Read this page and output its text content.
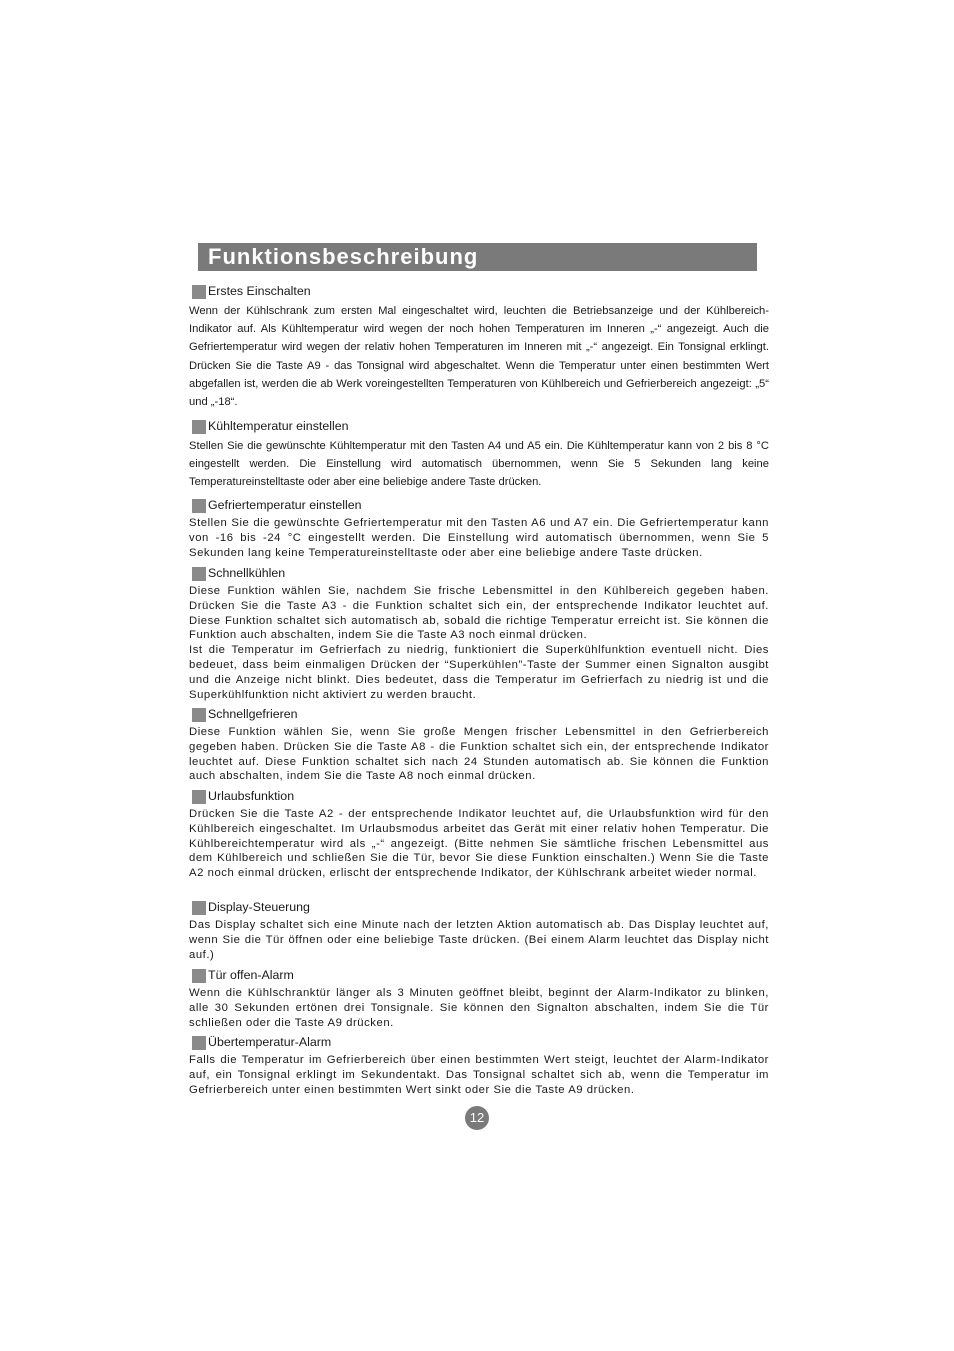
Funktionsbeschreibung
Erstes Einschalten

Wenn der Kühlschrank zum ersten Mal eingeschaltet wird, leuchten die Betriebsanzeige und der Kühlbereich-Indikator auf. Als Kühltemperatur wird wegen der noch hohen Temperaturen im Inneren „-“ angezeigt. Auch die Gefriertemperatur wird wegen der relativ hohen Temperaturen im Inneren mit „-“ angezeigt. Ein Tonsignal erklingt. Drücken Sie die Taste A9 - das Tonsignal wird abgeschaltet. Wenn die Temperatur unter einen bestimmten Wert abgefallen ist, werden die ab Werk voreingestellten Temperaturen von Kühlbereich und Gefrierbereich angezeigt: „5“ und „-18“.

Kühltemperatur einstellen

Stellen Sie die gewünschte Kühltemperatur mit den Tasten A4 und A5 ein. Die Kühltemperatur kann von 2 bis 8 °C eingestellt werden. Die Einstellung wird automatisch übernommen, wenn Sie 5 Sekunden lang keine Temperatureinstelltaste oder aber eine beliebige andere Taste drücken.

Gefriertemperatur einstellen

Stellen Sie die gewünschte Gefriertemperatur mit den Tasten A6 und A7 ein. Die Gefriertemperatur kann von -16 bis -24 °C eingestellt werden. Die Einstellung wird automatisch übernommen, wenn Sie 5 Sekunden lang keine Temperatureinstelltaste oder aber eine beliebige andere Taste drücken.

Schnellkühlen

Diese Funktion wählen Sie, nachdem Sie frische Lebensmittel in den Kühlbereich gegeben haben. Drücken Sie die Taste A3 - die Funktion schaltet sich ein, der entsprechende Indikator leuchtet auf. Diese Funktion schaltet sich automatisch ab, sobald die richtige Temperatur erreicht ist. Sie können die Funktion auch abschalten, indem Sie die Taste A3 noch einmal drücken.

Ist die Temperatur im Gefrierfach zu niedrig, funktioniert die Superkühlfunktion eventuell nicht. Dies bedeuet, dass beim einmaligen Drücken der “Superkühlen”-Taste der Summer einen Signalton ausgibt und die Anzeige nicht blinkt. Dies bedeutet, dass die Temperatur im Gefrierfach zu niedrig ist und die Superkühlfunktion nicht aktiviert zu werden braucht.

Schnellgefrieren

Diese Funktion wählen Sie, wenn Sie große Mengen frischer Lebensmittel in den Gefrierbereich gegeben haben. Drücken Sie die Taste A8 - die Funktion schaltet sich ein, der entsprechende Indikator leuchtet auf. Diese Funktion schaltet sich nach 24 Stunden automatisch ab. Sie können die Funktion auch abschalten, indem Sie die Taste A8 noch einmal drücken.

Urlaubsfunktion

Drücken Sie die Taste A2 - der entsprechende Indikator leuchtet auf, die Urlaubsfunktion wird für den Kühlbereich eingeschaltet. Im Urlaubsmodus arbeitet das Gerät mit einer relativ hohen Temperatur. Die Kühlbereichtemperatur wird als „-“ angezeigt. (Bitte nehmen Sie sämtliche frischen Lebensmittel aus dem Kühlbereich und schließen Sie die Tür, bevor Sie diese Funktion einschalten.) Wenn Sie die Taste A2 noch einmal drücken, erlischt der entsprechende Indikator, der Kühlschrank arbeitet wieder normal.

Display-Steuerung

Das Display schaltet sich eine Minute nach der letzten Aktion automatisch ab. Das Display leuchtet auf, wenn Sie die Tür öffnen oder eine beliebige Taste drücken. (Bei einem Alarm leuchtet das Display nicht auf.)

Tür offen-Alarm

Wenn die Kühlschranktür länger als 3 Minuten geöffnet bleibt, beginnt der Alarm-Indikator zu blinken, alle 30 Sekunden ertönen drei Tonsignale. Sie können den Signalton abschalten, indem Sie die Tür schließen oder die Taste A9 drücken.

Übertemperatur-Alarm

Falls die Temperatur im Gefrierbereich über einen bestimmten Wert steigt, leuchtet der Alarm-Indikator auf, ein Tonsignal erklingt im Sekundentakt. Das Tonsignal schaltet sich ab, wenn die Temperatur im Gefrierbereich unter einen bestimmten Wert sinkt oder Sie die Taste A9 drücken.

12
